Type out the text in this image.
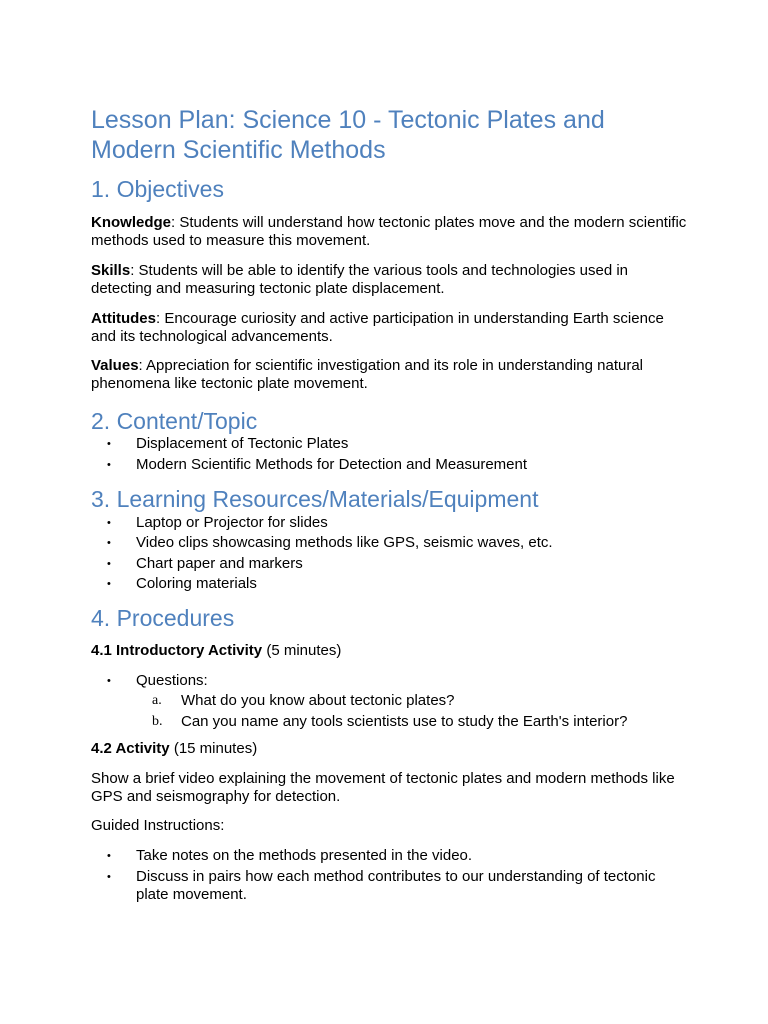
Lesson Plan: Science 10 - Tectonic Plates and Modern Scientific Methods
1. Objectives

Knowledge: Students will understand how tectonic plates move and the modern scientific methods used to measure this movement.

Skills: Students will be able to identify the various tools and technologies used in detecting and measuring tectonic plate displacement.

Attitudes: Encourage curiosity and active participation in understanding Earth science and its technological advancements.

Values: Appreciation for scientific investigation and its role in understanding natural phenomena like tectonic plate movement.

2. Content/Topic
• Displacement of Tectonic Plates
• Modern Scientific Methods for Detection and Measurement
3. Learning Resources/Materials/Equipment
• Laptop or Projector for slides
• Video clips showcasing methods like GPS, seismic waves, etc.
• Chart paper and markers
• Coloring materials
4. Procedures

4.1 Introductory Activity (5 minutes)

• Questions:
a. What do you know about tectonic plates?
b. Can you name any tools scientists use to study the Earth's interior?

4.2 Activity (15 minutes)

Show a brief video explaining the movement of tectonic plates and modern methods like GPS and seismography for detection.

Guided Instructions:

• Take notes on the methods presented in the video.
• Discuss in pairs how each method contributes to our understanding of tectonic plate movement.
